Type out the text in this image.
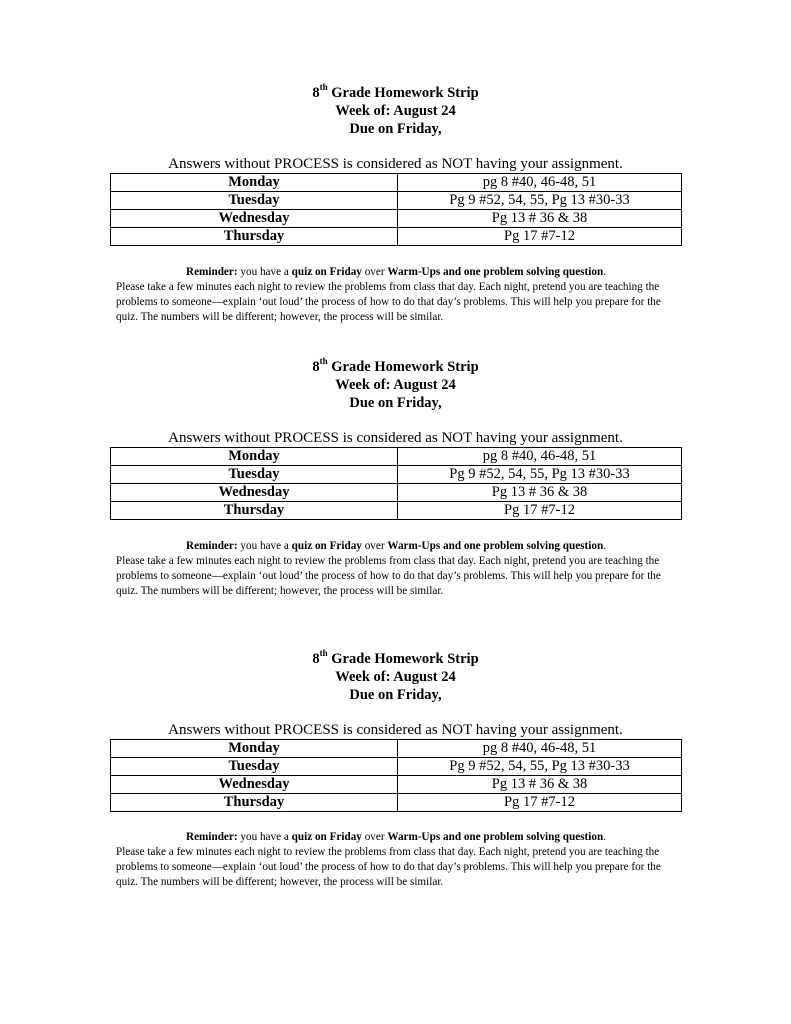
8th Grade Homework Strip
Week of: August 24
Due on Friday,
Answers without PROCESS is considered as NOT having your assignment.
Monday	pg 8 #40, 46-48, 51
Tuesday	Pg 9 #52, 54, 55, Pg 13 #30-33
Wednesday	Pg 13 # 36 & 38
Thursday	Pg 17 #7-12
Reminder: you have a quiz on Friday over Warm-Ups and one problem solving question.
Please take a few minutes each night to review the problems from class that day. Each night, pretend you are teaching the problems to someone—explain ‘out loud’ the process of how to do that day’s problems. This will help you prepare for the quiz. The numbers will be different; however, the process will be similar.
8th Grade Homework Strip
Week of: August 24
Due on Friday,
Answers without PROCESS is considered as NOT having your assignment.
Monday	pg 8 #40, 46-48, 51
Tuesday	Pg 9 #52, 54, 55, Pg 13 #30-33
Wednesday	Pg 13 # 36 & 38
Thursday	Pg 17 #7-12
Reminder: you have a quiz on Friday over Warm-Ups and one problem solving question.
Please take a few minutes each night to review the problems from class that day. Each night, pretend you are teaching the problems to someone—explain ‘out loud’ the process of how to do that day’s problems. This will help you prepare for the quiz. The numbers will be different; however, the process will be similar.
8th Grade Homework Strip
Week of: August 24
Due on Friday,
Answers without PROCESS is considered as NOT having your assignment.
Monday	pg 8 #40, 46-48, 51
Tuesday	Pg 9 #52, 54, 55, Pg 13 #30-33
Wednesday	Pg 13 # 36 & 38
Thursday	Pg 17 #7-12
Reminder: you have a quiz on Friday over Warm-Ups and one problem solving question.
Please take a few minutes each night to review the problems from class that day. Each night, pretend you are teaching the problems to someone—explain ‘out loud’ the process of how to do that day’s problems. This will help you prepare for the quiz. The numbers will be different; however, the process will be similar.
